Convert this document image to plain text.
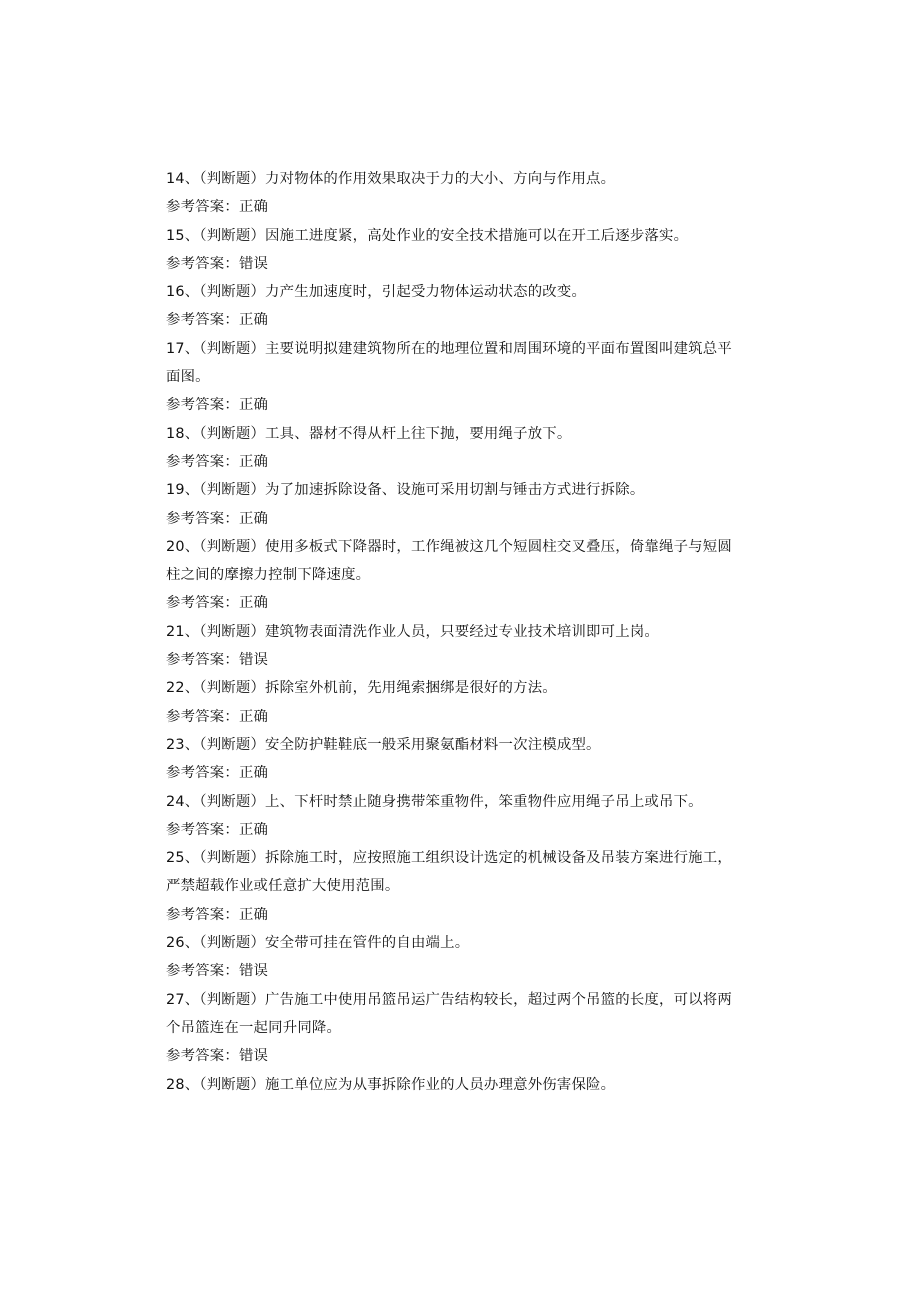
14、（判断题）力对物体的作用效果取决于力的大小、方向与作用点。
参考答案：正确
15、（判断题）因施工进度紧，高处作业的安全技术措施可以在开工后逐步落实。
参考答案：错误
16、（判断题）力产生加速度时，引起受力物体运动状态的改变。
参考答案：正确
17、（判断题）主要说明拟建建筑物所在的地理位置和周围环境的平面布置图叫建筑总平面图。
参考答案：正确
18、（判断题）工具、器材不得从杆上往下抛，要用绳子放下。
参考答案：正确
19、（判断题）为了加速拆除设备、设施可采用切割与锤击方式进行拆除。
参考答案：正确
20、（判断题）使用多板式下降器时，工作绳被这几个短圆柱交叉叠压，倚靠绳子与短圆柱之间的摩擦力控制下降速度。
参考答案：正确
21、（判断题）建筑物表面清洗作业人员，只要经过专业技术培训即可上岗。
参考答案：错误
22、（判断题）拆除室外机前，先用绳索捆绑是很好的方法。
参考答案：正确
23、（判断题）安全防护鞋鞋底一般采用聚氨酯材料一次注模成型。
参考答案：正确
24、（判断题）上、下杆时禁止随身携带笨重物件，笨重物件应用绳子吊上或吊下。
参考答案：正确
25、（判断题）拆除施工时，应按照施工组织设计选定的机械设备及吊装方案进行施工，严禁超载作业或任意扩大使用范围。
参考答案：正确
26、（判断题）安全带可挂在管件的自由端上。
参考答案：错误
27、（判断题）广告施工中使用吊篮吊运广告结构较长，超过两个吊篮的长度，可以将两个吊篮连在一起同升同降。
参考答案：错误
28、（判断题）施工单位应为从事拆除作业的人员办理意外伤害保险。
